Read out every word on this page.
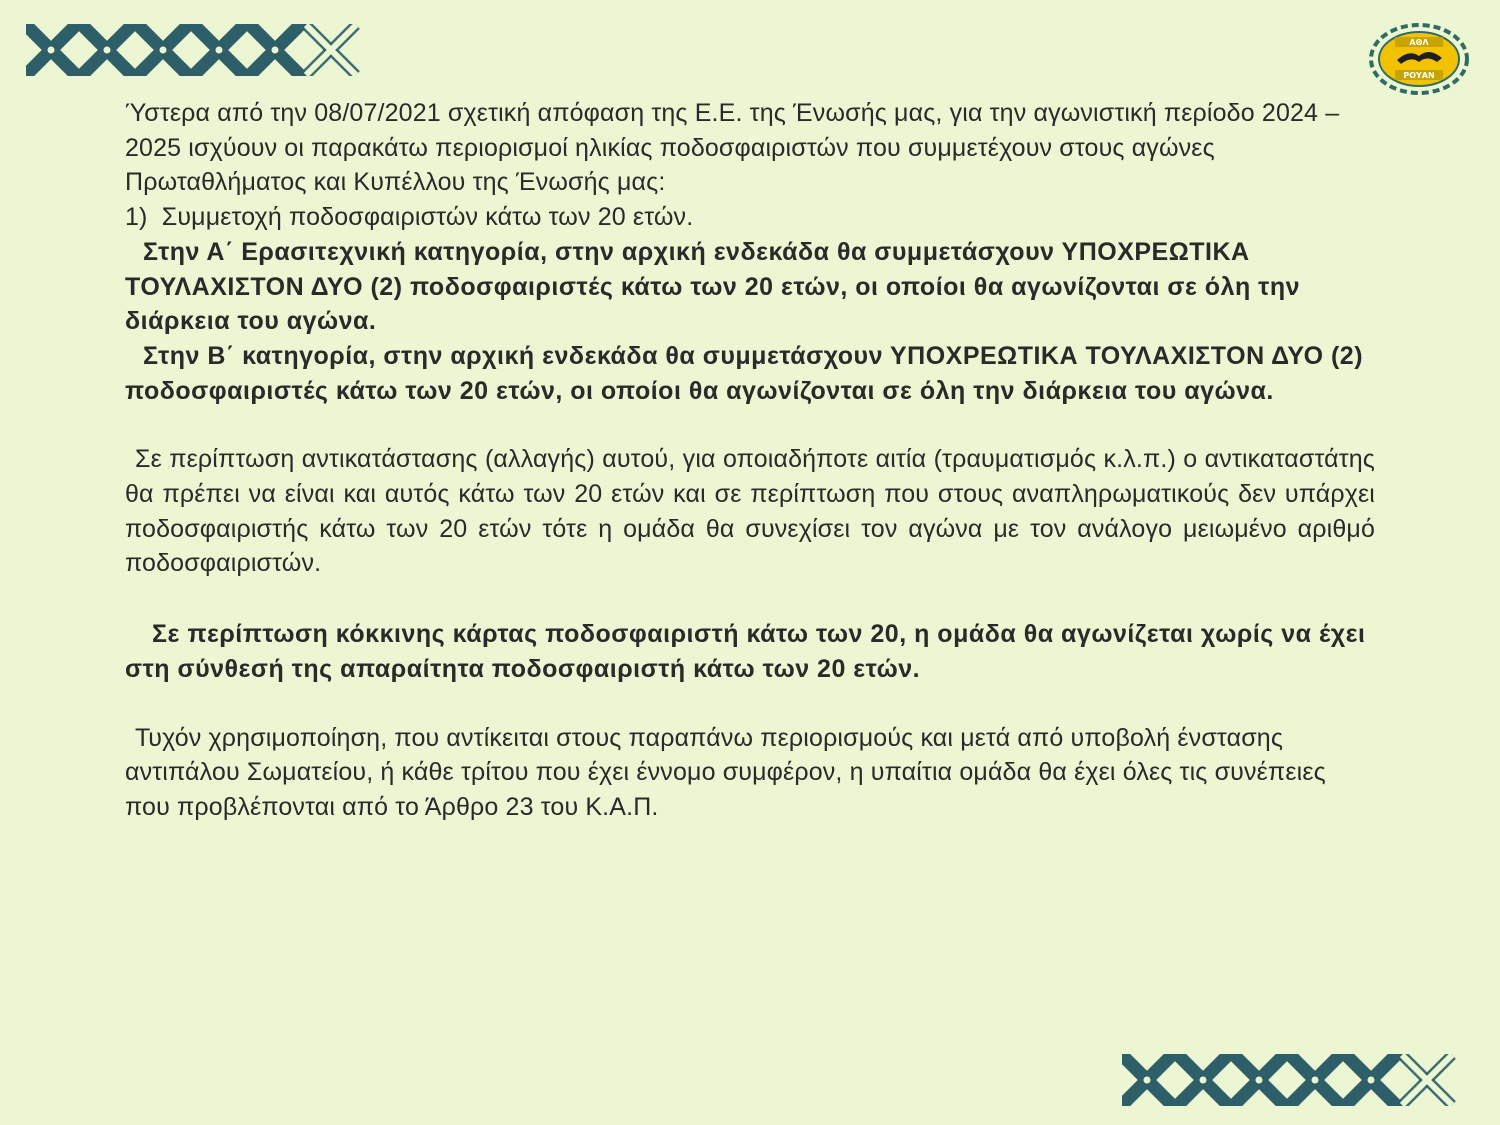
ΑΘΛ
ΡΟΥΑΝ

Ύστερα από την 08/07/2021 σχετική απόφαση της Ε.Ε. της Ένωσής μας, για την αγωνιστική περίοδο 2024 – 2025 ισχύουν οι παρακάτω περιορισμοί ηλικίας ποδοσφαιριστών που συμμετέχουν στους αγώνες Πρωταθλήματος και Κυπέλλου της Ένωσής μας:

1)  Συμμετοχή ποδοσφαιριστών κάτω των 20 ετών.

Στην Α΄ Ερασιτεχνική κατηγορία, στην αρχική ενδεκάδα θα συμμετάσχουν ΥΠΟΧΡΕΩΤΙΚΑ ΤΟΥΛΑΧΙΣΤΟΝ ΔΥΟ (2) ποδοσφαιριστές κάτω των 20 ετών, οι οποίοι θα αγωνίζονται σε όλη την διάρκεια του αγώνα.

Στην Β΄ κατηγορία, στην αρχική ενδεκάδα θα συμμετάσχουν ΥΠΟΧΡΕΩΤΙΚΑ ΤΟΥΛΑΧΙΣΤΟΝ ΔΥΟ (2) ποδοσφαιριστές κάτω των 20 ετών, οι οποίοι θα αγωνίζονται σε όλη την διάρκεια του αγώνα.

Σε περίπτωση αντικατάστασης (αλλαγής) αυτού, για οποιαδήποτε αιτία (τραυματισμός κ.λ.π.) ο αντικαταστάτης θα πρέπει να είναι και αυτός κάτω των 20 ετών και σε περίπτωση που στους αναπληρωματικούς δεν υπάρχει ποδοσφαιριστής κάτω των 20 ετών τότε η ομάδα θα συνεχίσει τον αγώνα με τον ανάλογο μειωμένο αριθμό ποδοσφαιριστών.

Σε περίπτωση κόκκινης κάρτας ποδοσφαιριστή κάτω των 20, η ομάδα θα αγωνίζεται χωρίς να έχει στη σύνθεσή της απαραίτητα ποδοσφαιριστή κάτω των 20 ετών.

Τυχόν χρησιμοποίηση, που αντίκειται στους παραπάνω περιορισμούς και μετά από υποβολή ένστασης αντιπάλου Σωματείου, ή κάθε τρίτου που έχει έννομο συμφέρον, η υπαίτια ομάδα θα έχει όλες τις συνέπειες που προβλέπονται από το Άρθρο 23 του Κ.Α.Π.
